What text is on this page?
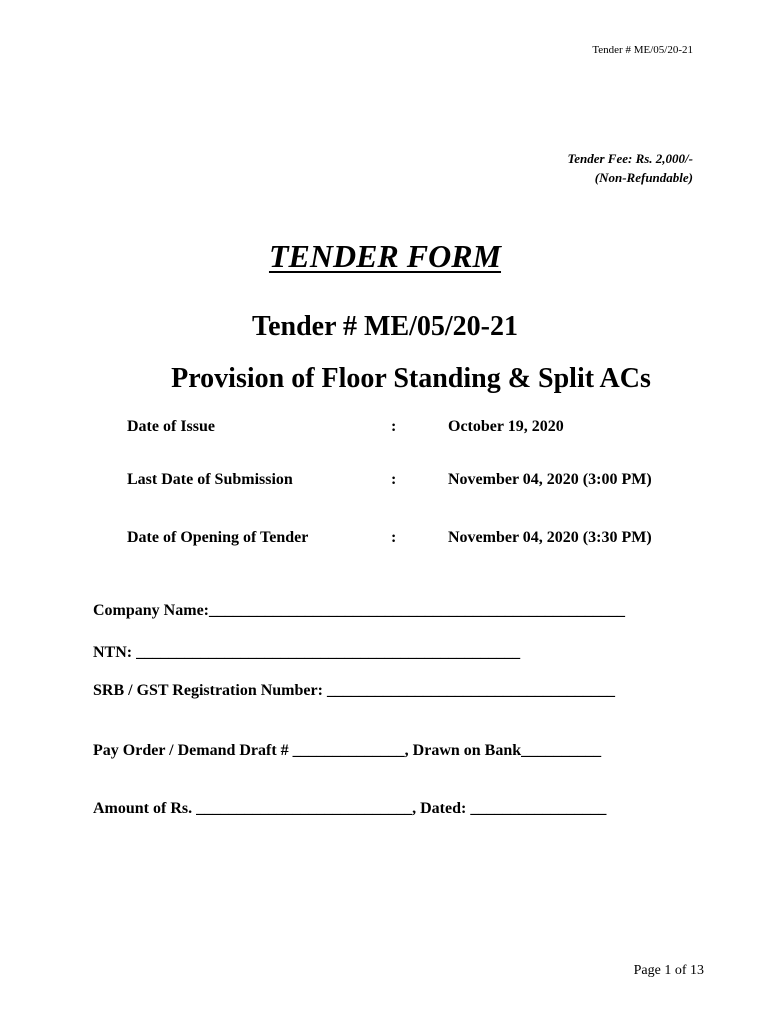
Tender # ME/05/20-21
Tender Fee: Rs. 2,000/-
(Non-Refundable)
TENDER FORM
Tender # ME/05/20-21
Provision of Floor Standing & Split ACs
Date of Issue	:	October 19, 2020
Last Date of Submission	:	November 04, 2020 (3:00 PM)
Date of Opening of Tender	:	November 04, 2020 (3:30 PM)
Company Name:____________________________________________________
NTN: ________________________________________________
SRB / GST Registration Number: ____________________________________
Pay Order / Demand Draft # ______________, Drawn on Bank__________
Amount of Rs. ___________________________, Dated: _________________
Page 1 of 13
